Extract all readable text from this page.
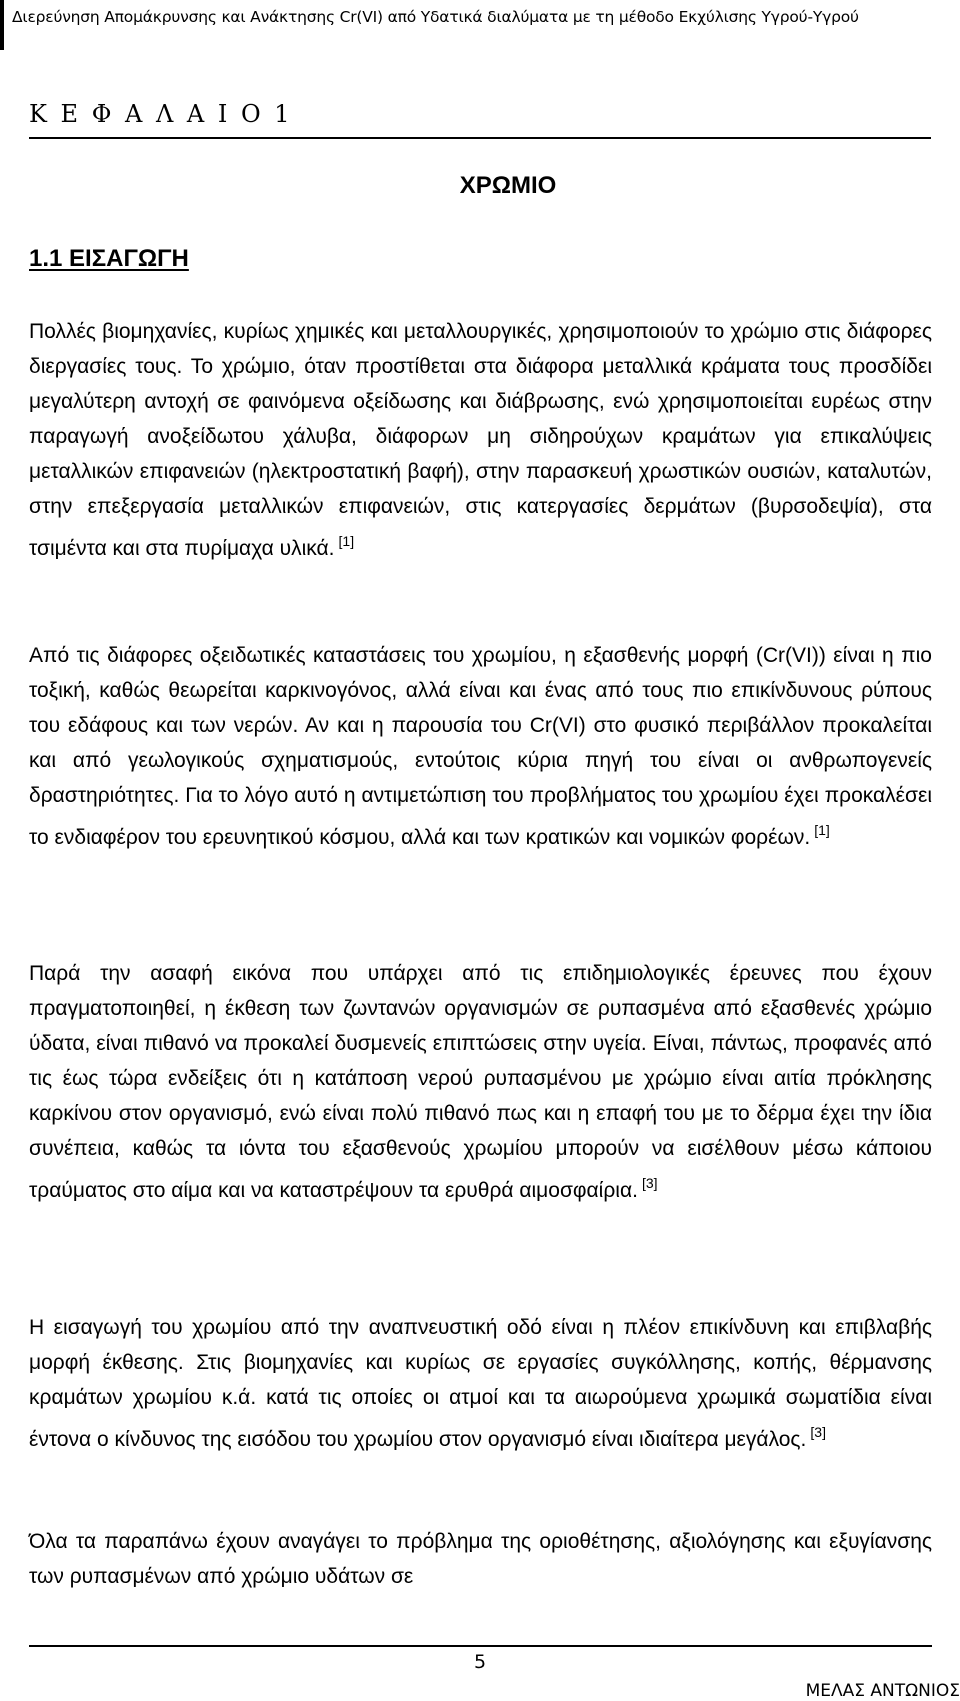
Διερεύνηση Απομάκρυνσης και Ανάκτησης Cr(VI) από Υδατικά διαλύματα με τη μέθοδο Εκχύλισης Υγρού-Υγρού
Κ Ε Φ Α Λ Α Ι Ο 1
ΧΡΩΜΙΟ
1.1 ΕΙΣΑΓΩΓΗ

Πολλές βιομηχανίες, κυρίως χημικές και μεταλλουργικές, χρησιμοποιούν το χρώμιο στις διάφορες διεργασίες τους. Το χρώμιο, όταν προστίθεται στα διάφορα μεταλλικά κράματα τους προσδίδει μεγαλύτερη αντοχή σε φαινόμενα οξείδωσης και διάβρωσης, ενώ χρησιμοποιείται ευρέως στην παραγωγή ανοξείδωτου χάλυβα, διάφορων μη σιδηρούχων κραμάτων για επικαλύψεις μεταλλικών επιφανειών (ηλεκτροστατική βαφή), στην παρασκευή χρωστικών ουσιών, καταλυτών, στην επεξεργασία μεταλλικών επιφανειών, στις κατεργασίες δερμάτων (βυρσοδεψία), στα τσιμέντα και στα πυρίμαχα υλικά. [1]

Από τις διάφορες οξειδωτικές καταστάσεις του χρωμίου, η εξασθενής μορφή (Cr(VI)) είναι η πιο τοξική, καθώς θεωρείται καρκινογόνος, αλλά είναι και ένας από τους πιο επικίνδυνους ρύπους του εδάφους και των νερών. Αν και η παρουσία του Cr(VI) στο φυσικό περιβάλλον προκαλείται και από γεωλογικούς σχηματισμούς, εντούτοις κύρια πηγή του είναι οι ανθρωπογενείς δραστηριότητες. Για το λόγο αυτό η αντιμετώπιση του προβλήματος του χρωμίου έχει προκαλέσει το ενδιαφέρον του ερευνητικού κόσμου, αλλά και των κρατικών και νομικών φορέων. [1]

Παρά την ασαφή εικόνα που υπάρχει από τις επιδημιολογικές έρευνες που έχουν πραγματοποιηθεί, η έκθεση των ζωντανών οργανισμών σε ρυπασμένα από εξασθενές χρώμιο ύδατα, είναι πιθανό να προκαλεί δυσμενείς επιπτώσεις στην υγεία. Είναι, πάντως, προφανές από τις έως τώρα ενδείξεις ότι η κατάποση νερού ρυπασμένου με χρώμιο είναι αιτία πρόκλησης καρκίνου στον οργανισμό, ενώ είναι πολύ πιθανό πως και η επαφή του με το δέρμα έχει την ίδια συνέπεια, καθώς τα ιόντα του εξασθενούς χρωμίου μπορούν να εισέλθουν μέσω κάποιου τραύματος στο αίμα και να καταστρέψουν τα ερυθρά αιμοσφαίρια. [3]

Η εισαγωγή του χρωμίου από την αναπνευστική οδό είναι η πλέον επικίνδυνη και επιβλαβής μορφή έκθεσης. Στις βιομηχανίες και κυρίως σε εργασίες συγκόλλησης, κοπής, θέρμανσης κραμάτων χρωμίου κ.ά. κατά τις οποίες οι ατμοί και τα αιωρούμενα χρωμικά σωματίδια είναι έντονα ο κίνδυνος της εισόδου του χρωμίου στον οργανισμό είναι ιδιαίτερα μεγάλος. [3]

Όλα τα παραπάνω έχουν αναγάγει το πρόβλημα της οριοθέτησης, αξιολόγησης και εξυγίανσης των ρυπασμένων από χρώμιο υδάτων σε

5
ΜΕΛΑΣ ΑΝΤΩΝΙΟΣ
